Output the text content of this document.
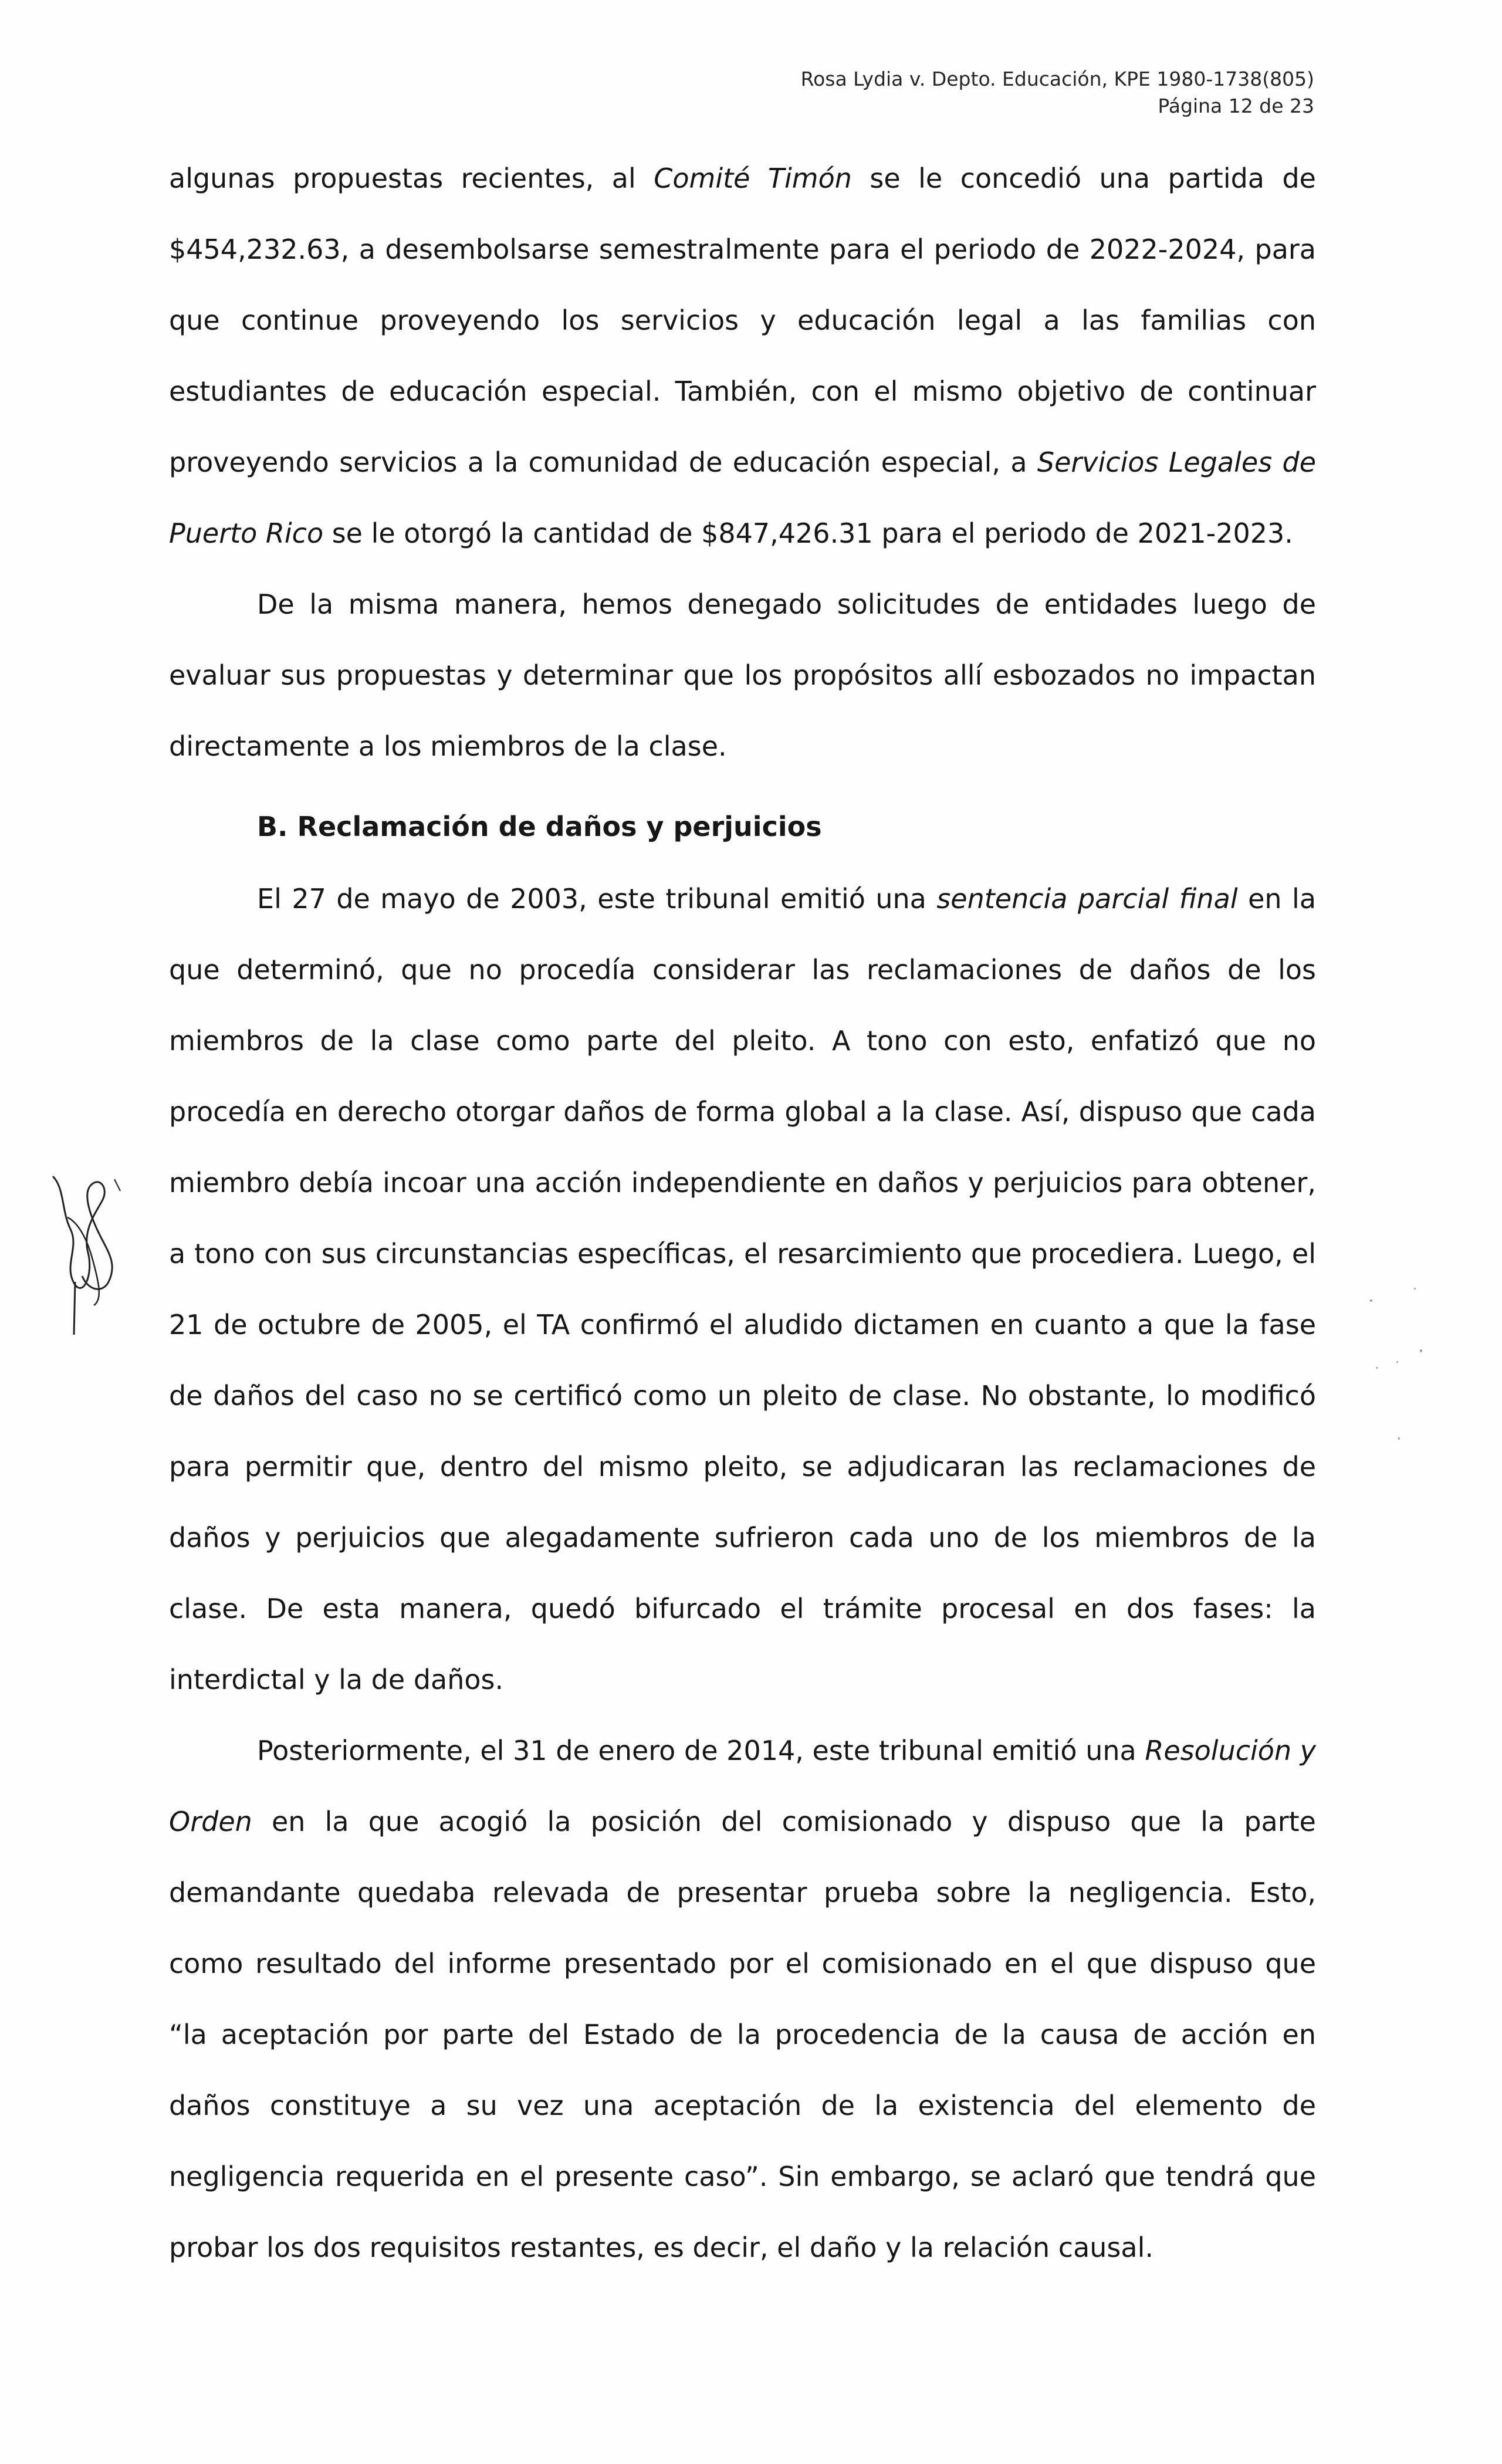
Rosa Lydia v. Depto. Educación, KPE 1980-1738(805)
Página 12 de 23

algunas propuestas recientes, al Comité Timón se le concedió una partida de $454,232.63, a desembolsarse semestralmente para el periodo de 2022-2024, para que continue proveyendo los servicios y educación legal a las familias con estudiantes de educación especial. También, con el mismo objetivo de continuar proveyendo servicios a la comunidad de educación especial, a Servicios Legales de Puerto Rico se le otorgó la cantidad de $847,426.31 para el periodo de 2021-2023.

De la misma manera, hemos denegado solicitudes de entidades luego de evaluar sus propuestas y determinar que los propósitos allí esbozados no impactan directamente a los miembros de la clase.

B. Reclamación de daños y perjuicios

El 27 de mayo de 2003, este tribunal emitió una sentencia parcial final en la que determinó, que no procedía considerar las reclamaciones de daños de los miembros de la clase como parte del pleito. A tono con esto, enfatizó que no procedía en derecho otorgar daños de forma global a la clase. Así, dispuso que cada miembro debía incoar una acción independiente en daños y perjuicios para obtener, a tono con sus circunstancias específicas, el resarcimiento que procediera. Luego, el 21 de octubre de 2005, el TA confirmó el aludido dictamen en cuanto a que la fase de daños del caso no se certificó como un pleito de clase. No obstante, lo modificó para permitir que, dentro del mismo pleito, se adjudicaran las reclamaciones de daños y perjuicios que alegadamente sufrieron cada uno de los miembros de la clase. De esta manera, quedó bifurcado el trámite procesal en dos fases: la interdictal y la de daños.

Posteriormente, el 31 de enero de 2014, este tribunal emitió una Resolución y Orden en la que acogió la posición del comisionado y dispuso que la parte demandante quedaba relevada de presentar prueba sobre la negligencia. Esto, como resultado del informe presentado por el comisionado en el que dispuso que “la aceptación por parte del Estado de la procedencia de la causa de acción en daños constituye a su vez una aceptación de la existencia del elemento de negligencia requerida en el presente caso”. Sin embargo, se aclaró que tendrá que probar los dos requisitos restantes, es decir, el daño y la relación causal.
